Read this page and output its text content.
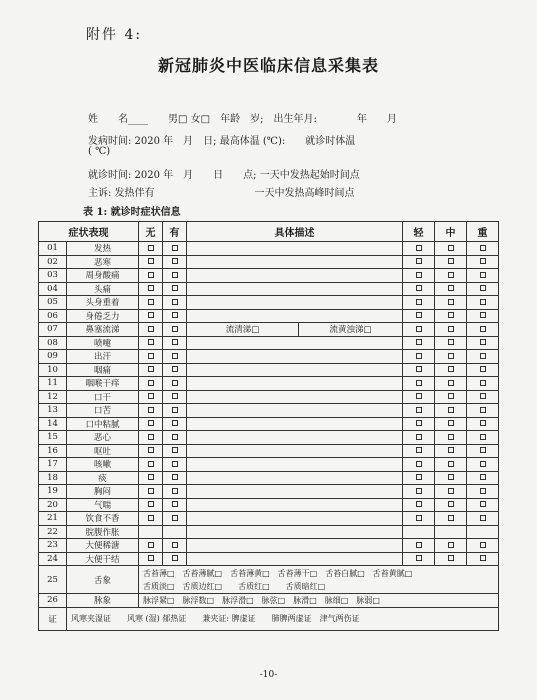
附件 4:
新冠肺炎中医临床信息采集表
姓　　名____　　男□ 女□　年龄　岁;　出生年月:　　　　年　　月
发病时间: 2020 年　月　日; 最高体温 (℃):　　就诊时体温
( ℃)
就诊时间: 2020 年　月　　日　　点; 一天中发热起始时间点
主诉: 发热伴有　　　　　　　　　　一天中发热高峰时间点
表 1: 就诊时症状信息
症状表现		无	有	具体描述		轻	中	重
01	发热							
02	恶寒							
03	周身酸痛							
04	头痛							
05	头身重着							
06	身倦乏力							
07	鼻塞流涕			流清涕□	流黄浊涕□			
08	喷嚏							
09	出汗							
10	咽痛							
11	咽喉干痒							
12	口干							
13	口苦							
14	口中粘腻							
15	恶心							
16	呕吐							
17	咳嗽							
18	痰							
19	胸闷							
20	气喘							
21	饮食不香							
22	脘腹作胀							
23	大便稀溏							
24	大便干结							
25	舌象	舌苔薄□　舌苔薄腻□　舌苔薄黄□　舌苔薄干□　舌苔白腻□　舌苔黄腻□
舌质淡□　舌质边红□　　舌质红□　　舌质暗红□						

26	脉象	脉浮紧□　脉浮数□　脉浮滑□　脉弦□　脉滑□　脉细□　脉弱□						
证	风寒夹湿证　　风寒 (湿) 郁热证　　兼夹证: 脾虚证　　肺脾两虚证　津气两伤证							
-10-
